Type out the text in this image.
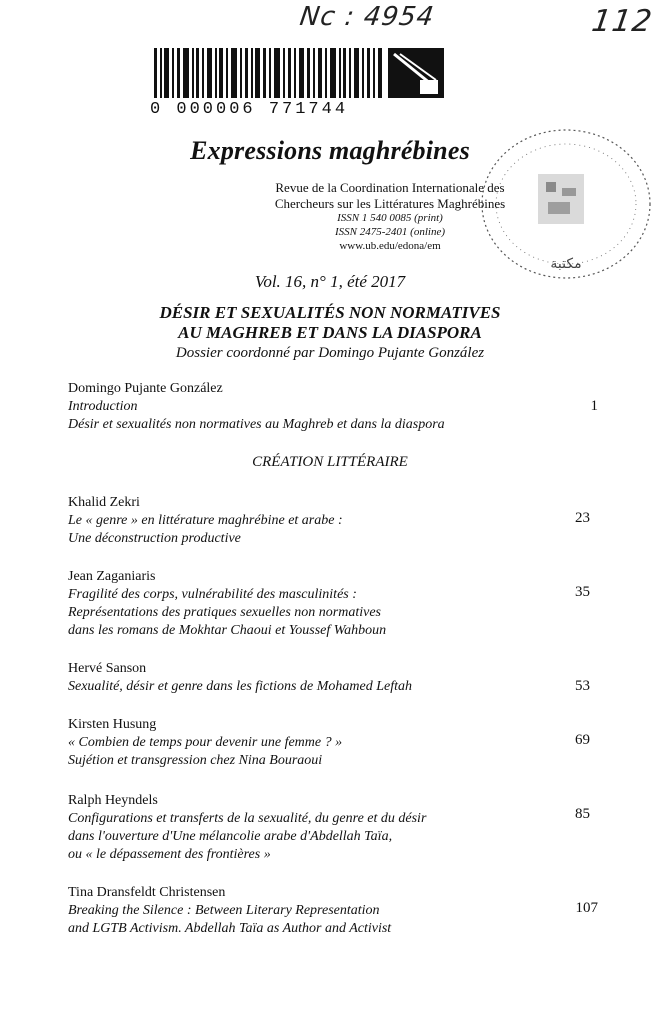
Nc : 4954	112
0 000006 771744
مكتبة
Expressions maghrébines
Revue de la Coordination Internationale des
Chercheurs sur les Littératures Maghrébines
ISSN 1 540 0085 (print)
ISSN 2475-2401 (online)
www.ub.edu/edona/em
Vol. 16, n° 1, été 2017
DÉSIR ET SEXUALITÉS NON NORMATIVES
AU MAGHREB ET DANS LA DIASPORA
Dossier coordonné par Domingo Pujante González
CRÉATION LITTÉRAIRE
Domingo Pujante González
Introduction
Désir et sexualités non normatives au Maghreb et dans la diaspora
1
Khalid Zekri
Le « genre » en littérature maghrébine et arabe :
Une déconstruction productive
23
Jean Zaganiaris
Fragilité des corps, vulnérabilité des masculinités :
Représentations des pratiques sexuelles non normatives
dans les romans de Mokhtar Chaoui et Youssef Wahboun
35
Hervé Sanson
Sexualité, désir et genre dans les fictions de Mohamed Leftah	53
Kirsten Husung
« Combien de temps pour devenir une femme ? »
Sujétion et transgression chez Nina Bouraoui
69
Ralph Heyndels
Configurations et transferts de la sexualité, du genre et du désir
dans l'ouverture d'Une mélancolie arabe d'Abdellah Taïa,
ou « le dépassement des frontières »
85
Tina Dransfeldt Christensen
Breaking the Silence : Between Literary Representation
and LGTB Activism. Abdellah Taïa as Author and Activist
107
